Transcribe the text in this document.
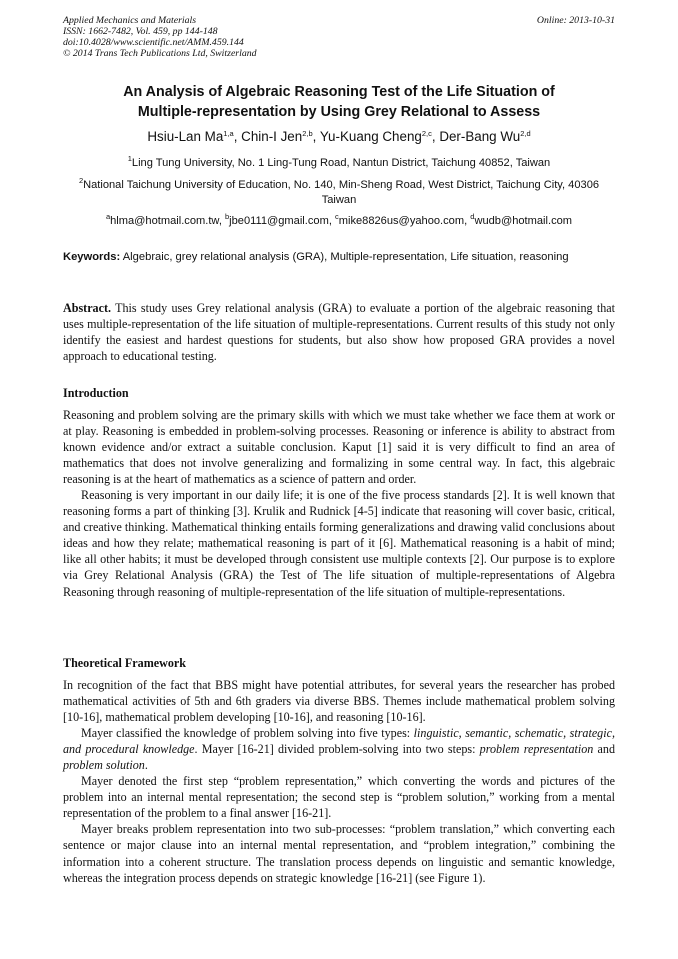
Applied Mechanics and Materials
ISSN: 1662-7482, Vol. 459, pp 144-148
doi:10.4028/www.scientific.net/AMM.459.144
© 2014 Trans Tech Publications Ltd, Switzerland
Online: 2013-10-31
An Analysis of Algebraic Reasoning Test of the Life Situation of
Multiple-representation by Using Grey Relational to Assess
Hsiu-Lan Ma$^{1,a}$, Chin-I Jen$^{2,b}$, Yu-Kuang Cheng$^{2,c}$, Der-Bang Wu$^{2,d}$
$^1$Ling Tung University, No. 1 Ling-Tung Road, Nantun District, Taichung 40852, Taiwan
$^2$National Taichung University of Education, No. 140, Min-Sheng Road, West District, Taichung City, 40306 Taiwan
$^a$hlma@hotmail.com.tw, $^b$jbe0111@gmail.com, $^c$mike8826us@yahoo.com, $^d$wudb@hotmail.com
Keywords: Algebraic, grey relational analysis (GRA), Multiple-representation, Life situation, reasoning

Abstract. This study uses Grey relational analysis (GRA) to evaluate a portion of the algebraic reasoning that uses multiple-representation of the life situation of multiple-representations. Current results of this study not only identify the easiest and hardest questions for students, but also show how proposed GRA provides a novel approach to educational testing.

Introduction

Reasoning and problem solving are the primary skills with which we must take whether we face them at work or at play. Reasoning is embedded in problem-solving processes. Reasoning or inference is ability to abstract from known evidence and/or extract a suitable conclusion. Kaput [1] said it is very difficult to find an area of mathematics that does not involve generalizing and formalizing in some central way. In fact, this algebraic reasoning is at the heart of mathematics as a science of pattern and order.

Reasoning is very important in our daily life; it is one of the five process standards [2]. It is well known that reasoning forms a part of thinking [3]. Krulik and Rudnick [4-5] indicate that reasoning will cover basic, critical, and creative thinking. Mathematical thinking entails forming generalizations and drawing valid conclusions about ideas and how they relate; mathematical reasoning is part of it [6]. Mathematical reasoning is a habit of mind; like all other habits; it must be developed through consistent use multiple contexts [2]. Our purpose is to explore via Grey Relational Analysis (GRA) the Test of The life situation of multiple-representations of Algebra Reasoning through reasoning of multiple-representation of the life situation of multiple-representations.

Theoretical Framework

In recognition of the fact that BBS might have potential attributes, for several years the researcher has probed mathematical activities of 5th and 6th graders via diverse BBS. Themes include mathematical problem solving [10-16], mathematical problem developing [10-16], and reasoning [10-16].

Mayer classified the knowledge of problem solving into five types: linguistic, semantic, schematic, strategic, and procedural knowledge. Mayer [16-21] divided problem-solving into two steps: problem representation and problem solution.

Mayer denoted the first step “problem representation,” which converting the words and pictures of the problem into an internal mental representation; the second step is “problem solution,” working from a mental representation of the problem to a final answer [16-21].

Mayer breaks problem representation into two sub-processes: “problem translation,” which converting each sentence or major clause into an internal mental representation, and “problem integration,” combining the information into a coherent structure. The translation process depends on linguistic and semantic knowledge, whereas the integration process depends on strategic knowledge [16-21] (see Figure 1).
